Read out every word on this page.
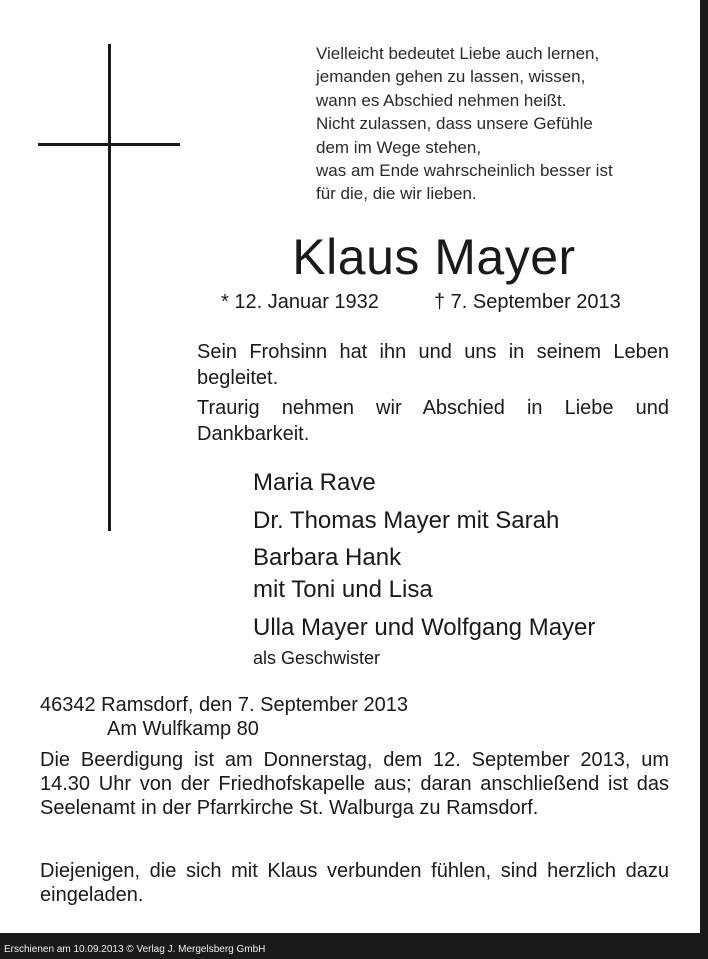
Vielleicht bedeutet Liebe auch lernen,
jemanden gehen zu lassen, wissen,
wann es Abschied nehmen heißt.
Nicht zulassen, dass unsere Gefühle
dem im Wege stehen,
was am Ende wahrscheinlich besser ist
für die, die wir lieben.
Klaus Mayer
* 12. Januar 1932	† 7. September 2013
Sein Frohsinn hat ihn und uns in seinem Leben begleitet.
Traurig nehmen wir Abschied in Liebe und Dankbarkeit.
Maria Rave
Dr. Thomas Mayer mit Sarah
Barbara Hank
mit Toni und Lisa
Ulla Mayer und Wolfgang Mayer
als Geschwister
46342 Ramsdorf, den 7. September 2013
Am Wulfkamp 80
Die Beerdigung ist am Donnerstag, dem 12. September 2013, um 14.30 Uhr von der Friedhofskapelle aus; daran anschließend ist das Seelenamt in der Pfarrkirche St. Walburga zu Ramsdorf.
Diejenigen, die sich mit Klaus verbunden fühlen, sind herzlich dazu eingeladen.
Erschienen am 10.09.2013 © Verlag J. Mergelsberg GmbH
